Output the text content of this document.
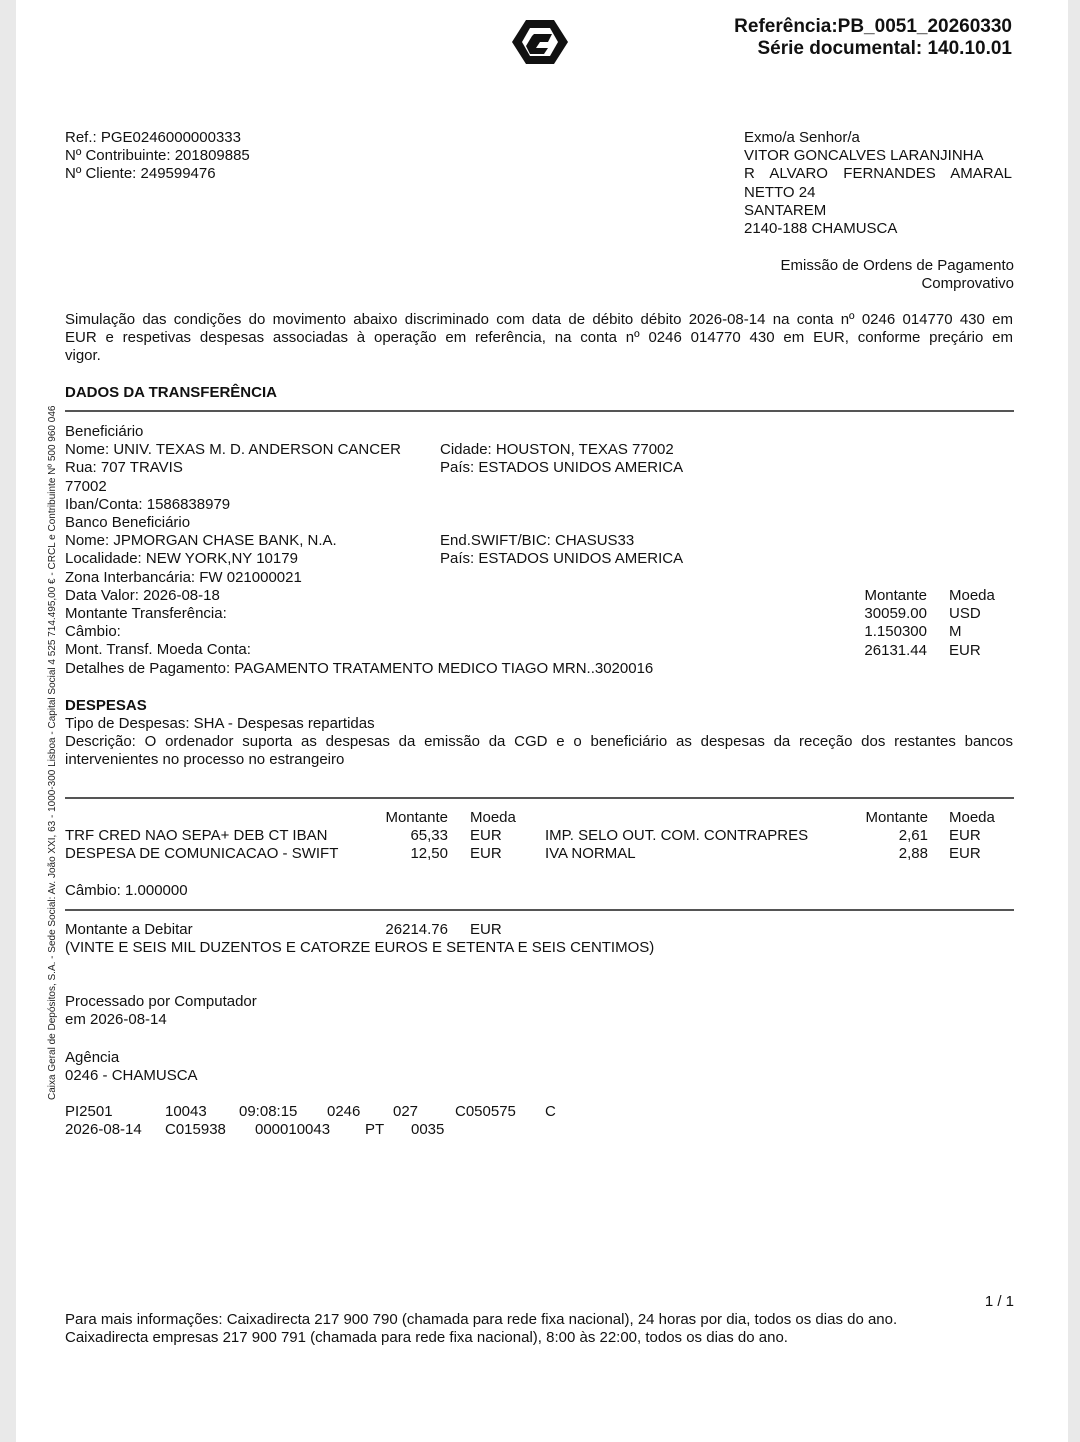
Referência:PB_0051_20260330
Série documental: 140.10.01
Ref.: PGE0246000000333
Nº Contribuinte: 201809885
Nº Cliente: 249599476
Exmo/a Senhor/a
VITOR GONCALVES LARANJINHA
R ALVARO FERNANDES AMARAL
NETTO 24
SANTAREM
2140-188 CHAMUSCA
Emissão de Ordens de Pagamento
Comprovativo
Simulação das condições do movimento abaixo discriminado com data de débito débito 2026-08-14 na conta nº 0246 014770 430 em
EUR e respetivas despesas associadas à operação em referência, na conta nº 0246 014770 430 em EUR, conforme preçário em
vigor.
DADOS DA TRANSFERÊNCIA
Beneficiário
Nome: UNIV. TEXAS M. D. ANDERSON CANCER
Rua: 707 TRAVIS
77002
Iban/Conta: 1586838979
Banco Beneficiário
Nome: JPMORGAN CHASE BANK, N.A.
Localidade: NEW YORK,NY 10179
Zona Interbancária: FW 021000021
Data Valor: 2026-08-18
Montante Transferência:
Câmbio:
Mont. Transf. Moeda Conta:
Detalhes de Pagamento: PAGAMENTO TRATAMENTO MEDICO TIAGO MRN..3020016
Cidade: HOUSTON, TEXAS 77002
País: ESTADOS UNIDOS AMERICA
End.SWIFT/BIC: CHASUS33
País: ESTADOS UNIDOS AMERICA
Montante
30059.00
1.150300
26131.44
Moeda
USD
M
EUR
DESPESAS
Tipo de Despesas: SHA - Despesas repartidas
Descrição: O ordenador suporta as despesas da emissão da CGD e o beneficiário as despesas da receção dos restantes bancos
intervenientes no processo no estrangeiro
TRF CRED NAO SEPA+ DEB CT IBAN
DESPESA DE COMUNICACAO - SWIFT
Montante
65,33
12,50
Moeda
EUR
EUR
IMP. SELO OUT. COM. CONTRAPRES
IVA NORMAL
Montante
2,61
2,88
Moeda
EUR
EUR
Câmbio: 1.000000
Montante a Debitar	26214.76 EUR
(VINTE E SEIS MIL DUZENTOS E CATORZE EUROS E SETENTA E SEIS CENTIMOS)
Processado por Computador
em 2026-08-14
Agência
0246 - CHAMUSCA
PI2501	10043 09:08:15 0246 027 C050575 C
2026-08-14 C015938 000010043 PT 0035
1 / 1
Para mais informações: Caixadirecta 217 900 790 (chamada para rede fixa nacional), 24 horas por dia, todos os dias do ano.
Caixadirecta empresas 217 900 791 (chamada para rede fixa nacional), 8:00 às 22:00, todos os dias do ano.
Caixa Geral de Depósitos, S.A. - Sede Social: Av. João XXI, 63 - 1000-300 Lisboa - Capital Social 4 525 714.495,00 € - CRCL e Contribuinte Nº 500 960 046
